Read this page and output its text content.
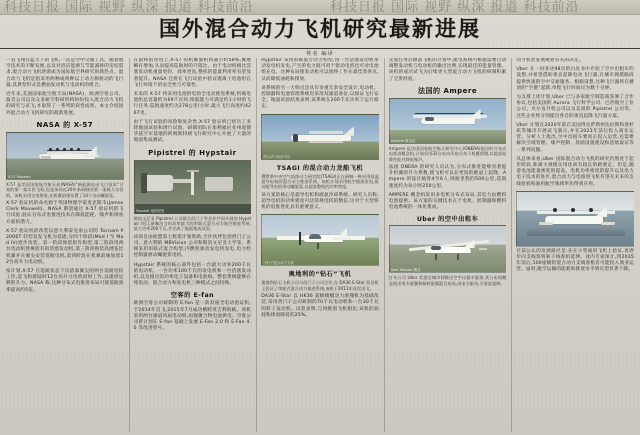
科技日报 国际 视野 纵深 报道 科技前沿	科技日报 国际 视野 纵深 报道 科技前沿
国外混合动力飞机研究最新进展
姓名 编译

一直飞翔在蓝天下的飞机,一直是空中交通工具。随着航空技术的不断发展,以及对清洁能源与节能减排的迫切需求,混合动力飞机逐渐成为国际航空界研究的新热点。混合动力飞机是指采用两种或两种以上动力源驱动的飞行器,其典型形式是燃油发动机与电动机的组合。

近年来,美国国家航空航天局(NASA)、欧洲空客公司、波音公司以及众多航空科研机构纷纷投入混合动力飞机的研究与试飞,并取得了一系列阶段性成果。本文介绍国外混合动力飞机研究的最新进展。

NASA 的 X-57
X-57 Maxwell

X-57 是美国国家航空航天局(NASA)“新能源电动飞行技术”计划的第一架实验飞机,也是该局近20年来研制的第一架载人实验机。该机采用全电推进,在机翼前缘布置了14个电动螺旋桨。

X-57 验证机的命名源于英国物理学家麦克斯韦(James Clerk Maxwell)。NASA 期望通过 X-57 验证机的飞行试验,验证分布式电推进技术在降低能耗、噪声和排放方面的潜力。

X-57 验证机的改装以意大利泰克南公司的 Tecnam P2006T 轻型双发飞机为基础,分四个阶段(Mod I 至 Mod IV)逐步改装。第一阶段保留原有构型,第二阶段用两台电动机替换原有的活塞发动机,第三阶段换装高展弦比机翼并在翼尖安装巡航电机,第四阶段在机翼前缘加装12台高升力电动机。

按计划,X-57 在巡航状态下仅依靠翼尖的两台巡航电机工作,起飞和着陆时12台高升力电机同时工作,以提供足够的升力。NASA 称,这种分布式电推进布局可使巡航效率提高约5倍。

在最终的改进上,X-57 的机翼面积将减小约58%,翼展略有增加,从而提高巡航时的升阻比。由于电动机相比活塞发动机重量更轻、效率更高,整机的能量利用率有望显著提升。NASA 还将在飞行试验中验证锂离子电池组在飞行环境下的安全性与可靠性。

未来的 X-57 将采用电池供电的全电动推进系统,机载电池组总容量约为69千瓦时,续航能力可满足约1小时的飞行任务,巡航速度约为278公里/小时,最大飞行高度约4267米。

由于飞行试验的风险和复杂性,X-57 验证机已经历了多轮地面试验和滑行试验。研制团队在加利福尼亚州爱德华兹空军基地的阿姆斯特朗飞行研究中心开展了大量的地面集成测试。

Pipistrel 的 Hypstair
Hypstair 地面试验

斯洛文尼亚 Pipistrel 公司联合西门子等企业共同开展的 Hypstair 项目,研制出当时功率最大的串联式混合动力航空推进系统,最大功率200千瓦,并完成了地面集成试验。

该项目由欧盟第七框架计划资助,合作伙伴包括西门子公司、意大利的 MBVision 公司和斯洛文尼亚大学等。系统采用串联式混合构型,内燃机驱动发电机发电,电力经控制器驱动螺旋桨电机。

Hypstair 系统的核心部件包括一台最大功率200千瓦的电动机、一台功率100千瓦的发电机和一台活塞发动机,以及相应的功率电子设备和电池组。整套系统能够在纯电动、混合动力和发电机三种模式之间切换。

空客的 E-fan

欧洲空客公司研制的 E-fan 是一款双座全电动验证机,于2014年首飞,2015年7月成功横跨英吉利海峡。该机采用两台涵道风扇电动机,由锂聚合物电池供电。空客公司曾计划在 E-fan 基础上发展 E-Fan 2.0 和 E-Fan 4.0 等改进型号。

Hypstair 采用串联混合动力构型,由一台活塞发动机带动发电机发电,产生的电力既可用于驱动电机也可对电池组充电。这种布局使发动机可以始终工作在最佳效率点,从而降低油耗和排放。

该系统的另一大特点是具有多重冗余安全设计,电动机、控制器和电池管理系统均采用双通道备份,以保证飞行安全。地面试验结果表明,该系统在200千瓦功率下运行稳定。

混合动力验证平台
TSAGI 的混合动力龙船飞机

俄罗斯中央空气流体动力研究院(TSAGI)正在研制一种采用低温超导电机的混合动力推进系统。该机计划采用航空煤油发电,驱动超导电机带动螺旋桨,以提高整机的功率密度。

该方案的核心是超导电机和液氮冷却系统。研究人员称,超导电机的功率密度可达常规电机的数倍,这对于大型客机的电推进化具有重要意义。

“钻石”混合动力飞机
奥地利的“钻石”飞机

奥地利钻石飞机公司与西门子公司合作,在 DA36 E-Star 验证机上验证了串联式混合动力推进系统,该机于2011年首次试飞。

DA36 E-Star 以 HK36 超级蜻蜓动力滑翔机为基础改装,采用西门子公司研制的70千瓦电动机和一台30千瓦的转子发动机。试验表明,与同级别飞机相比,该机的油耗和排放降低约25%。

完成任务后降落飞机的计划中,航电系统可根据需要自动调整发动机与电动机的输出比例,实现最佳的能量管理。该机的成功试飞为后续更大型混合动力飞机的研制积累了宝贵经验。

法国的 Ampere
Ampere 概念机

Ampere 是法国国家航空航天研究中心(ONERA)提出的分布式电推进概念机,计划采用32台电动风扇分布于机翼前缘,以提高起降性能并降低噪声。

法国 ONERA 的研究人员认为,分布式推进能够显著提升机翼的升力系数,使飞机可以在更短的跑道上起降。Ampere 的设计载客4至6人,续航里程约500公里,巡航速度约为每小时250公里。

AMPERE 概念机采用多电机分布式布局,其电力由燃料电池提供。该方案的关键技术在于电机、控制器和燃料电池系统的一体化集成。

Uber 的空中出租车
Uber Elevate 概念

打车公司 Uber 希望在城市间推出空中出租车服务,其公布的概念机采用多旋翼和倾转旋翼混合布局,由电力驱动,可垂直起降。

动力机型发展规划有关的决定。

Uber 在一份多达98页的白皮书中介绍了空中出租车的设想,并希望借助垂直起降电动飞行器,在城市拥堵路段提供快速的空中交通服务。根据设想,这种飞行器将在楼顶的“空港”起降,单程飞行时间仅为数十分钟。

为支撑上述计划,Uber 已与多家航空制造商签署了合作协议,包括美国的 Aurora 飞行科学公司、巴西航空工业公司、贝尔直升机公司以及美国的 Pipistrel 公司等。这些企业将分别提出各自的垂直起降飞行器方案。

Uber 计划在2020年前在美国得克萨斯州达拉斯和洛杉矶等城市开展试飞演示,并在2023年前后投入商业运营。分析人士指出,空中出租车要真正投入运营,还需要解决空域管理、噪声控制、基础设施建设和适航取证等一系列问题。

从总体来看,Uber 国际混合动力飞机的研究仍然处于起步阶段,距离大规模实用化尚有较长的路要走。但是,随着电池能量密度的提高、电机功率密度的提升以及电力电子技术的进步,混合动力与电推进飞机有望在未来的支线客机和通用航空领域率先得到应用。

目前公认的发展路径是:先在小型通用飞机上验证,再逐步向支线客机和干线客机延伸。业内专家预计,到2035年前后,100座级的混合动力支线客机有可能投入商业运营。届时,航空运输的能耗和排放水平将有望显著下降。
